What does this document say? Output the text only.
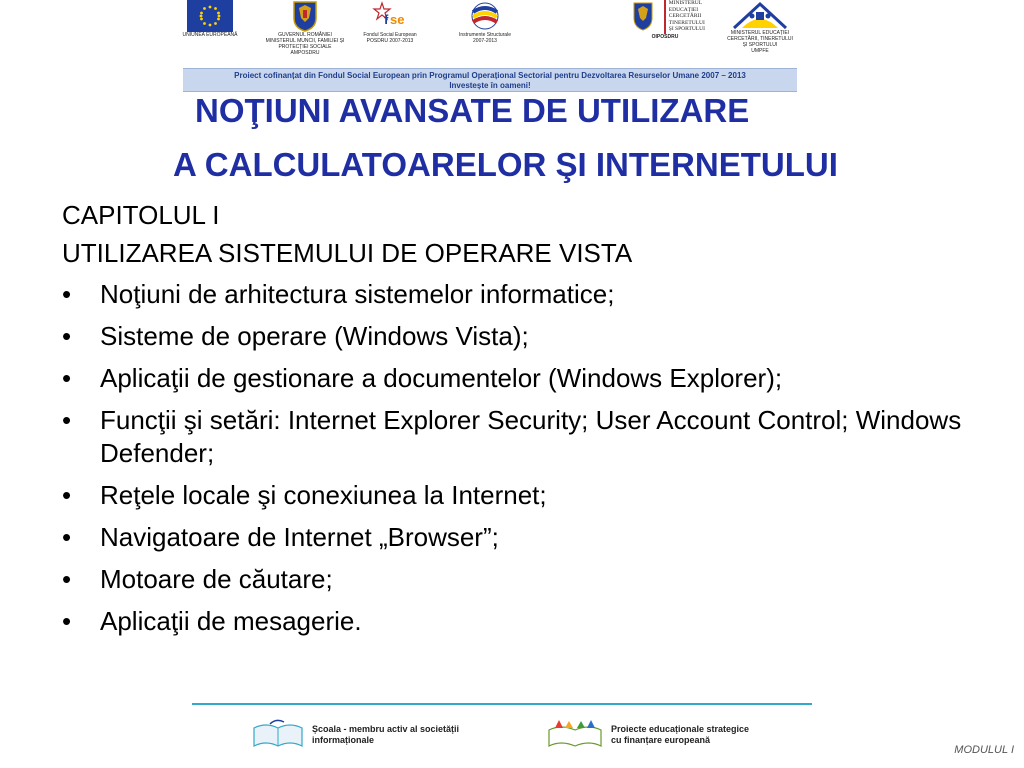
UNIUNEA EUROPEANĂ	GUVERNUL ROMÂNIEI
MINISTERUL MUNCII, FAMILIEI ȘI
PROTECȚIEI SOCIALE
AMPOSDRU
f se
Fondul Social European
POSDRU 2007-2013
Instrumente Structurale
2007-2013
MINISTERUL
EDUCAȚIEI
CERCETĂRII
TINERETULUI
ȘI SPORTULUI
OIPOSDRU
MINISTERUL EDUCAȚIEI
CERCETĂRII, TINERETULUI
ȘI SPORTULUI
UMPFE
Proiect cofinanțat din Fondul Social European prin Programul Operațional Sectorial pentru Dezvoltarea Resurselor Umane 2007 – 2013
Investește în oameni!
NOŢIUNI AVANSATE DE UTILIZARE
A CALCULATOARELOR ŞI INTERNETULUI
CAPITOLUL I
UTILIZAREA SISTEMULUI DE OPERARE VISTA
• Noţiuni de arhitectura sistemelor informatice;
• Sisteme de operare (Windows Vista);
• Aplicaţii de gestionare a documentelor (Windows Explorer);
• Funcţii şi setări: Internet Explorer Security; User Account Control; Windows Defender;
• Reţele locale şi conexiunea la Internet;
• Navigatoare de Internet „Browser”;
• Motoare de căutare;
• Aplicaţii de mesagerie.
Școala - membru activ al societății informaționale
Proiecte educaționale strategice cu finanțare europeană
MODULUL I
